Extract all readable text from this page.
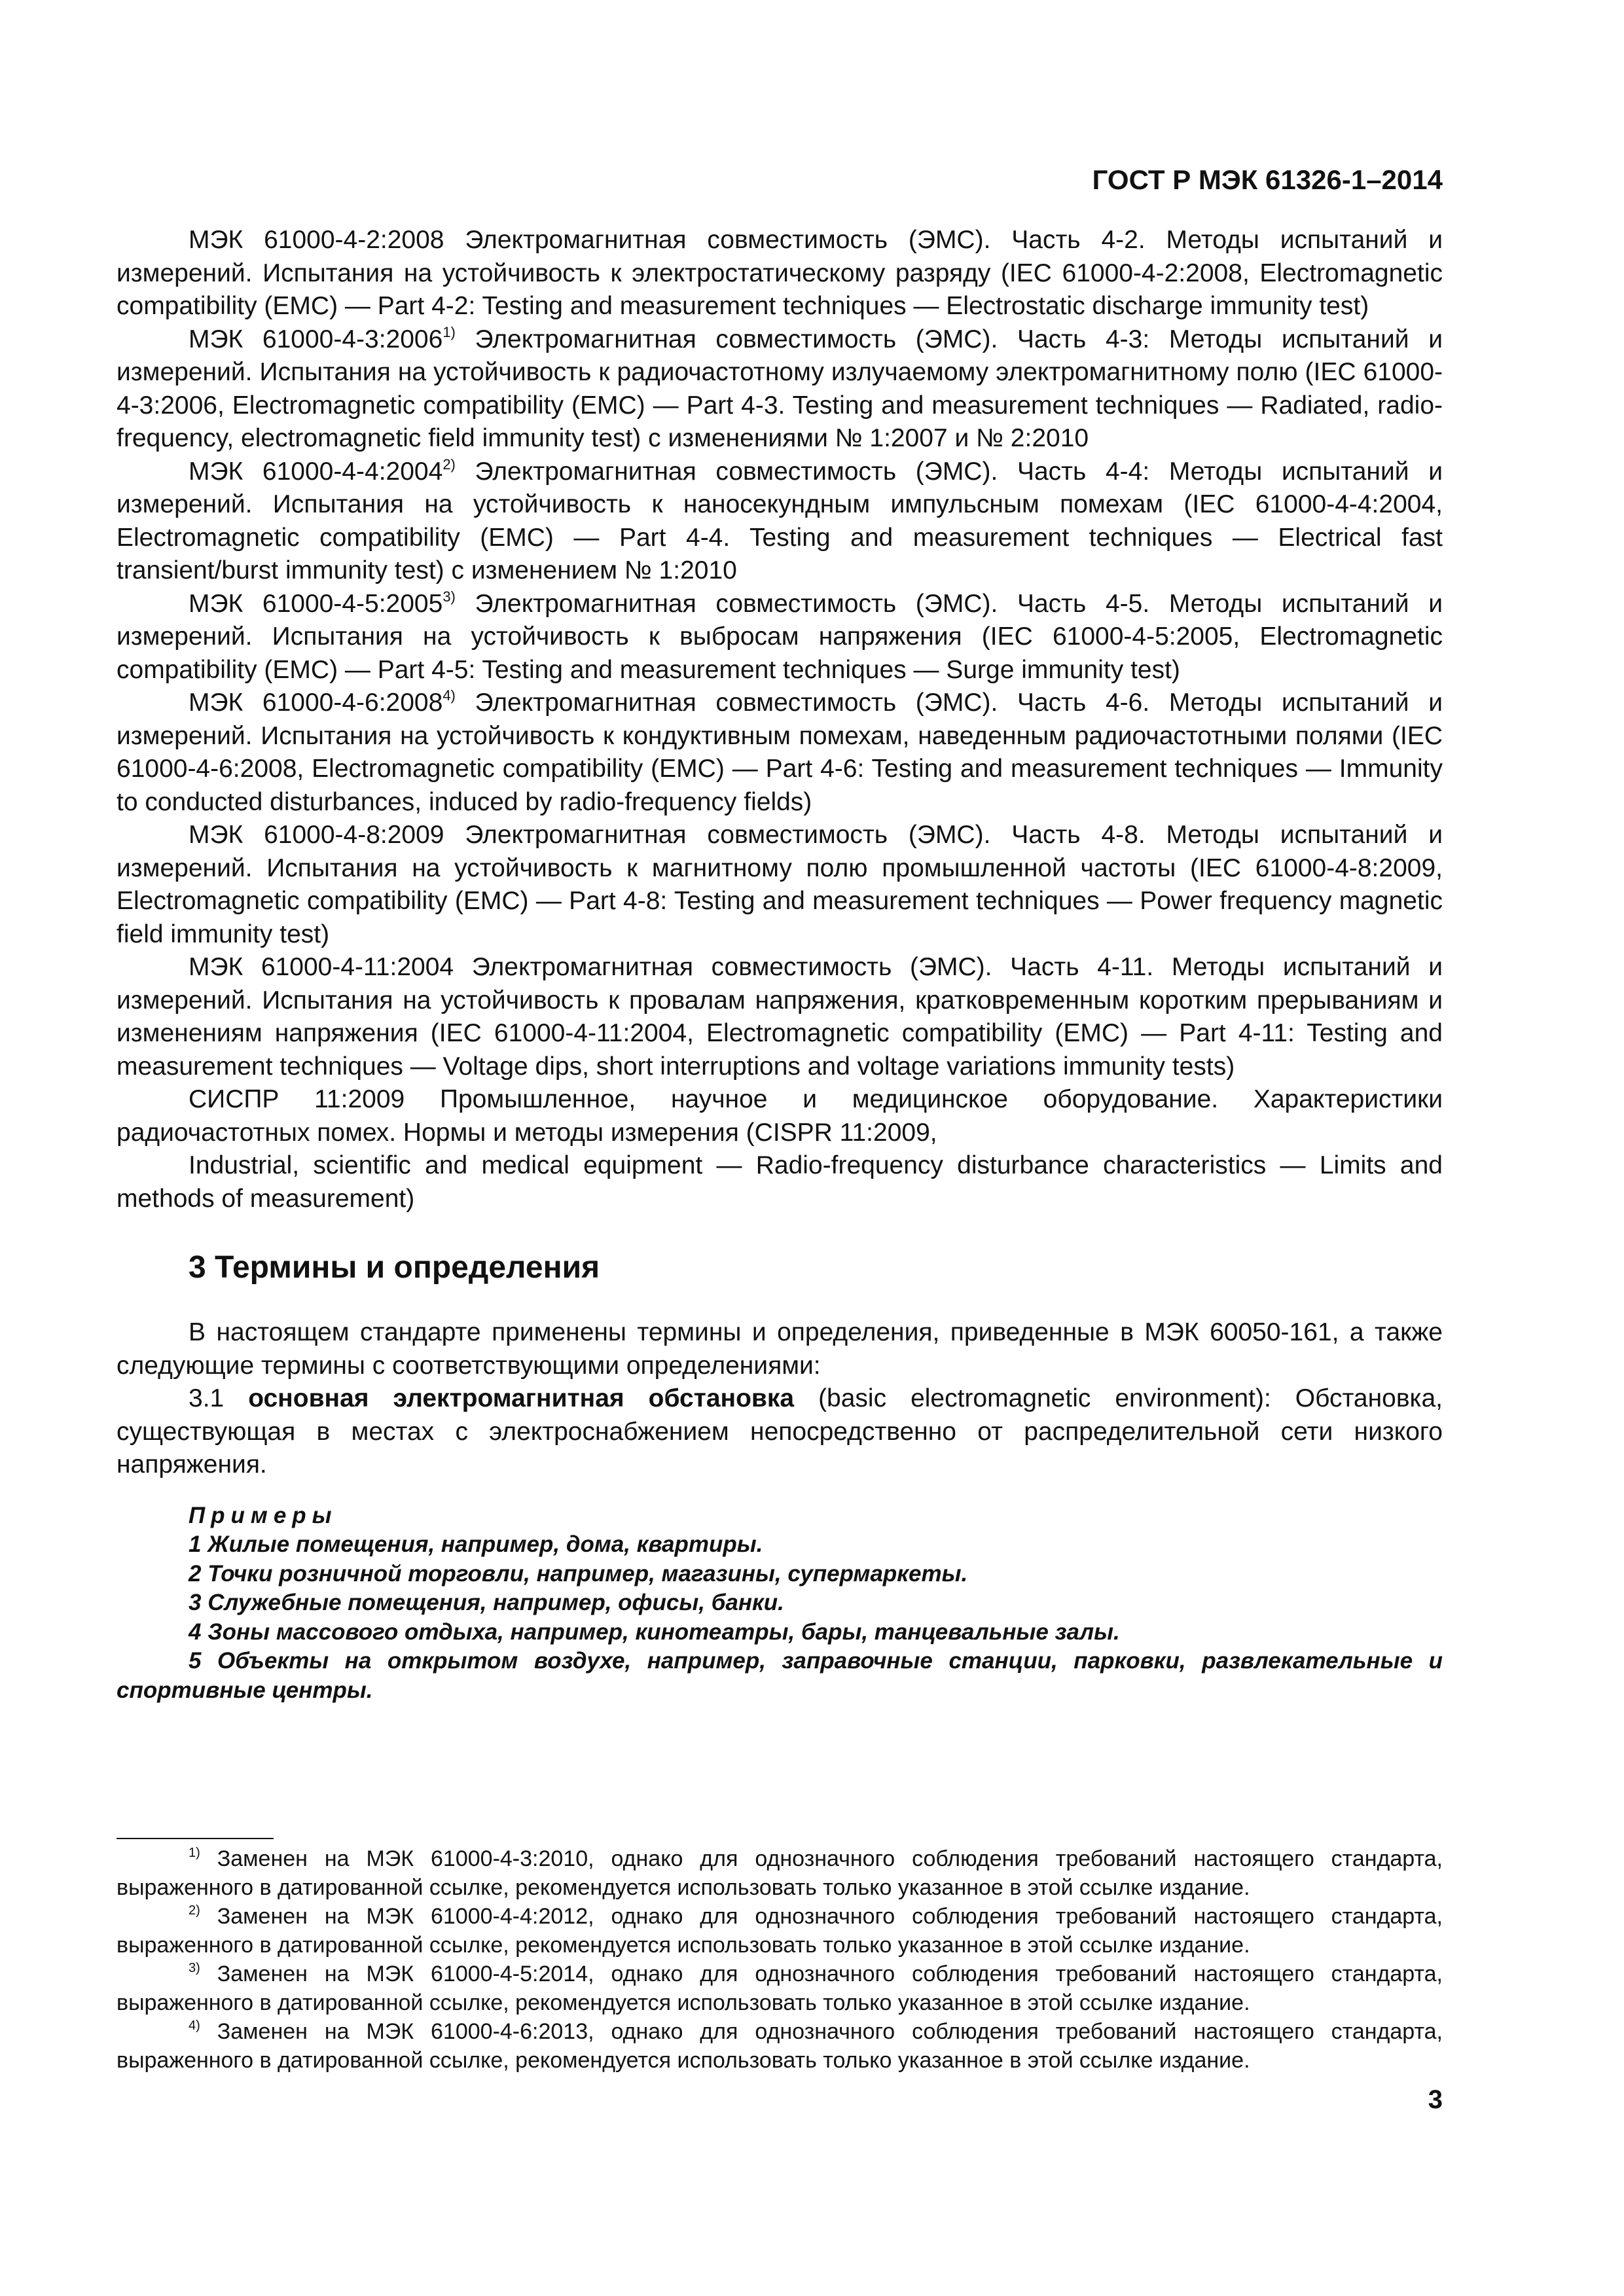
ГОСТ Р МЭК 61326-1–2014

МЭК 61000-4-2:2008 Электромагнитная совместимость (ЭМС). Часть 4-2. Методы испытаний и измерений. Испытания на устойчивость к электростатическому разряду (IEC 61000-4-2:2008, Electromagnetic compatibility (EMC) — Part 4-2: Testing and measurement techniques — Electrostatic discharge immunity test)

МЭК 61000-4-3:2006$^{1)}$ Электромагнитная совместимость (ЭМС). Часть 4-3: Методы испытаний и измерений. Испытания на устойчивость к радиочастотному излучаемому электромагнитному полю (IEC 61000-4-3:2006, Electromagnetic compatibility (EMC) — Part 4-3. Testing and measurement techniques — Radiated, radio-frequency, electromagnetic field immunity test) с изменениями № 1:2007 и № 2:2010

МЭК 61000-4-4:2004$^{2)}$ Электромагнитная совместимость (ЭМС). Часть 4-4: Методы испытаний и измерений. Испытания на устойчивость к наносекундным импульсным помехам (IEC 61000-4-4:2004, Electromagnetic compatibility (EMC) — Part 4-4. Testing and measurement techniques — Electrical fast transient/burst immunity test) с изменением № 1:2010

МЭК 61000-4-5:2005$^{3)}$ Электромагнитная совместимость (ЭМС). Часть 4-5. Методы испытаний и измерений. Испытания на устойчивость к выбросам напряжения (IEC 61000-4-5:2005, Electromagnetic compatibility (EMC) — Part 4-5: Testing and measurement techniques — Surge immunity test)

МЭК 61000-4-6:2008$^{4)}$ Электромагнитная совместимость (ЭМС). Часть 4-6. Методы испытаний и измерений. Испытания на устойчивость к кондуктивным помехам, наведенным радиочастотными полями (IEC 61000-4-6:2008, Electromagnetic compatibility (EMC) — Part 4-6: Testing and measurement techniques — Immunity to conducted disturbances, induced by radio-frequency fields)

МЭК 61000-4-8:2009 Электромагнитная совместимость (ЭМС). Часть 4-8. Методы испытаний и измерений. Испытания на устойчивость к магнитному полю промышленной частоты (IEC 61000-4-8:2009, Electromagnetic compatibility (EMC) — Part 4-8: Testing and measurement techniques — Power frequency magnetic field immunity test)

МЭК 61000-4-11:2004 Электромагнитная совместимость (ЭМС). Часть 4-11. Методы испытаний и измерений. Испытания на устойчивость к провалам напряжения, кратковременным коротким прерываниям и изменениям напряжения (IEC 61000-4-11:2004, Electromagnetic compatibility (EMC) — Part 4-11: Testing and measurement techniques — Voltage dips, short interruptions and voltage variations immunity tests)

СИСПР 11:2009 Промышленное, научное и медицинское оборудование. Характеристики радиочастотных помех. Нормы и методы измерения (CISPR 11:2009,

Industrial, scientific and medical equipment — Radio-frequency disturbance characteristics — Limits and methods of measurement)

3 Термины и определения

В настоящем стандарте применены термины и определения, приведенные в МЭК 60050-161, а также следующие термины с соответствующими определениями:

3.1 основная электромагнитная обстановка (basic electromagnetic environment): Обстановка, существующая в местах с электроснабжением непосредственно от распределительной сети низкого напряжения.

Примеры

1 Жилые помещения, например, дома, квартиры.

2 Точки розничной торговли, например, магазины, супермаркеты.

3 Служебные помещения, например, офисы, банки.

4 Зоны массового отдыха, например, кинотеатры, бары, танцевальные залы.

5 Объекты на открытом воздухе, например, заправочные станции, парковки, развлекательные и спортивные центры.

$^{1)}$ Заменен на МЭК 61000-4-3:2010, однако для однозначного соблюдения требований настоящего стандарта, выраженного в датированной ссылке, рекомендуется использовать только указанное в этой ссылке издание.

$^{2)}$ Заменен на МЭК 61000-4-4:2012, однако для однозначного соблюдения требований настоящего стандарта, выраженного в датированной ссылке, рекомендуется использовать только указанное в этой ссылке издание.

$^{3)}$ Заменен на МЭК 61000-4-5:2014, однако для однозначного соблюдения требований настоящего стандарта, выраженного в датированной ссылке, рекомендуется использовать только указанное в этой ссылке издание.

$^{4)}$ Заменен на МЭК 61000-4-6:2013, однако для однозначного соблюдения требований настоящего стандарта, выраженного в датированной ссылке, рекомендуется использовать только указанное в этой ссылке издание.

3
